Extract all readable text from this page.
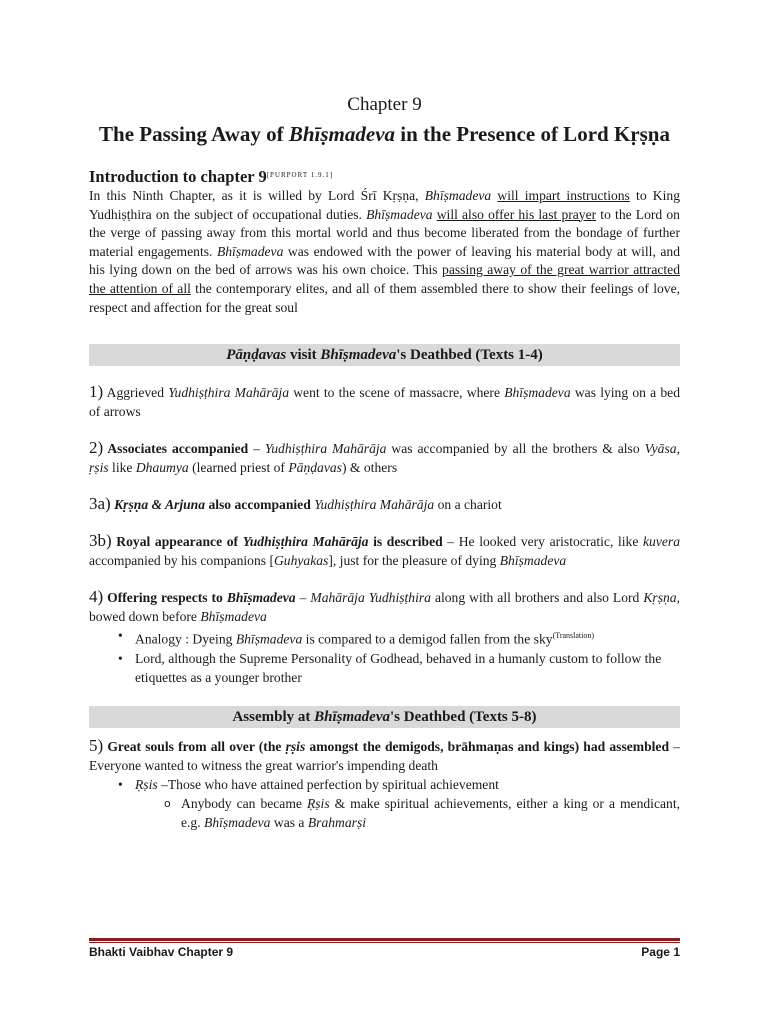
Chapter 9
The Passing Away of Bhīṣmadeva in the Presence of Lord Kṛṣṇa
Introduction to chapter 9[PURPORT 1.9.1]

In this Ninth Chapter, as it is willed by Lord Śrī Kṛṣṇa, Bhīṣmadeva will impart instructions to King Yudhiṣṭhira on the subject of occupational duties. Bhīṣmadeva will also offer his last prayer to the Lord on the verge of passing away from this mortal world and thus become liberated from the bondage of further material engagements. Bhīṣmadeva was endowed with the power of leaving his material body at will, and his lying down on the bed of arrows was his own choice. This passing away of the great warrior attracted the attention of all the contemporary elites, and all of them assembled there to show their feelings of love, respect and affection for the great soul

Pāṇḍavas visit Bhīṣmadeva's Deathbed (Texts 1-4)

1) Aggrieved Yudhiṣṭhira Mahārāja went to the scene of massacre, where Bhīṣmadeva was lying on a bed of arrows

2) Associates accompanied – Yudhiṣṭhira Mahārāja was accompanied by all the brothers & also Vyāsa, ṛṣis like Dhaumya (learned priest of Pāṇḍavas) & others

3a) Kṛṣṇa & Arjuna also accompanied Yudhiṣṭhira Mahārāja on a chariot

3b) Royal appearance of Yudhiṣṭhira Mahārāja is described – He looked very aristocratic, like kuvera accompanied by his companions [Guhyakas], just for the pleasure of dying Bhīṣmadeva

4) Offering respects to Bhīṣmadeva – Mahārāja Yudhiṣṭhira along with all brothers and also Lord Kṛṣṇa, bowed down before Bhīṣmadeva

• Analogy : Dyeing Bhīṣmadeva is compared to a demigod fallen from the sky$^{(Translation)}$
• Lord, although the Supreme Personality of Godhead, behaved in a humanly custom to follow the etiquettes as a younger brother
Assembly at Bhīṣmadeva's Deathbed (Texts 5-8)

5) Great souls from all over (the ṛṣis amongst the demigods, brāhmaṇas and kings) had assembled – Everyone wanted to witness the great warrior's impending death

• Ṛṣis –Those who have attained perfection by spiritual achievement
o Anybody can became Ṛṣis & make spiritual achievements, either a king or a mendicant, e.g. Bhīṣmadeva was a Brahmarṣi
Bhakti Vaibhav Chapter 9	Page 1
